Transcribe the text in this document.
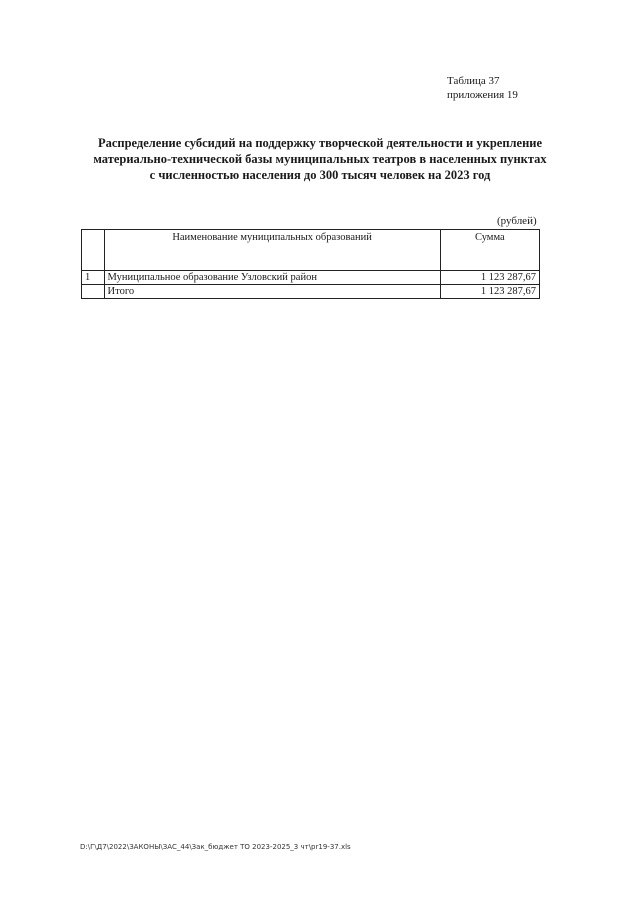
Таблица 37
приложения 19
Распределение субсидий на поддержку творческой деятельности и укрепление
материально-технической базы муниципальных театров в населенных пунктах
с численностью населения до 300 тысяч человек на 2023 год
(рублей)
	Наименование муниципальных образований	Сумма
1	Муниципальное образование Узловский район	1 123 287,67
	Итого	1 123 287,67
D:\Г\Д7\2022\ЗАКОНЫ\ЗАС_44\Зак_бюджет ТО 2023-2025_3 чт\pr19-37.xls
